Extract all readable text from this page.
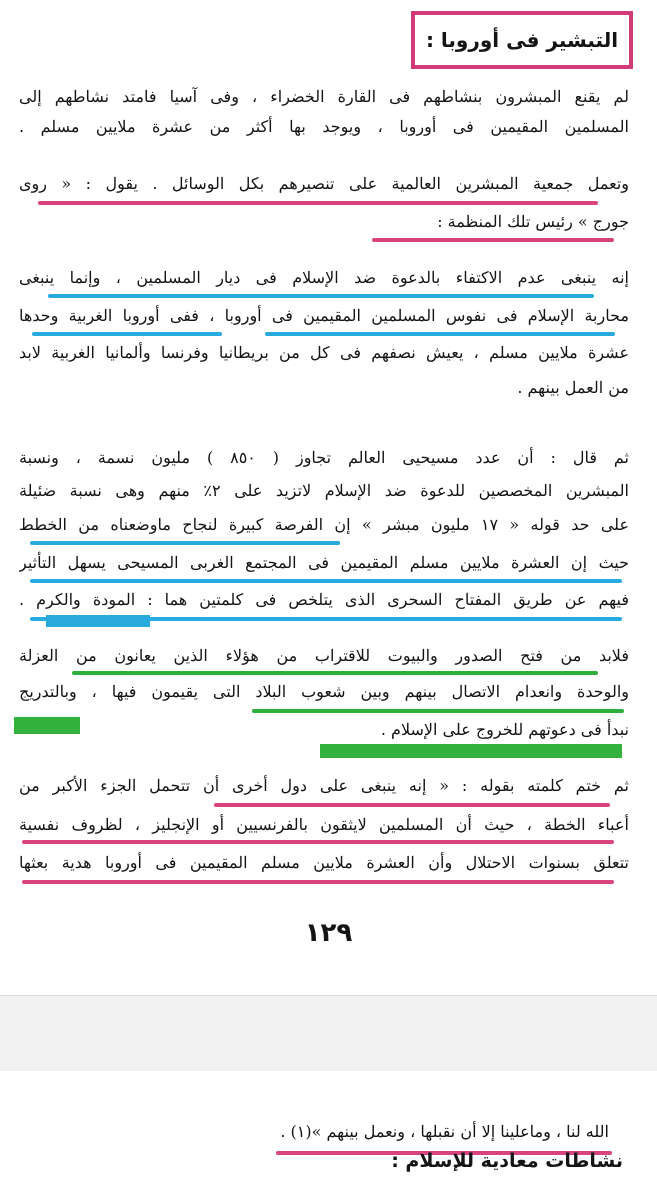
التبشير فى أوروبا :
لم يقنع المبشرون بنشاطهم فى القارة الخضراء ، وفى آسيا فامتد نشاطهم إلى
المسلمين المقيمين فى أوروبا ، ويوجد بها أكثر من عشرة ملايين مسلم .
وتعمل جمعية المبشرين العالمية على تنصيرهم بكل الوسائل . يقول : « روى
جورج » رئيس تلك المنظمة :
إنه ينبغى عدم الاكتفاء بالدعوة ضد الإسلام فى ديار المسلمين ، وإنما ينبغى
محاربة الإسلام فى نفوس المسلمين المقيمين فى أوروبا ، ففى أوروبا الغربية وحدها
عشرة ملايين مسلم ، يعيش نصفهم فى كل من بريطانيا وفرنسا وألمانيا الغربية لابد
من العمل بينهم .
ثم قال : أن عدد مسيحيى العالم تجاوز ( ٨٥٠ ) مليون نسمة ، ونسبة
المبشرين المخصصين للدعوة ضد الإسلام لاتزيد على ٢٪ منهم وهى نسبة ضئيلة
على حد قوله « ١٧ مليون مبشر » إن الفرصة كبيرة لنجاح ماوضعناه من الخطط
حيث إن العشرة ملايين مسلم المقيمين فى المجتمع الغربى المسيحى يسهل التأثير
فيهم عن طريق المفتاح السحرى الذى يتلخص فى كلمتين هما : المودة والكرم .
فلابد من فتح الصدور والبيوت للاقتراب من هؤلاء الذين يعانون من العزلة
والوحدة وانعدام الاتصال بينهم وبين شعوب البلاد التى يقيمون فيها ، وبالتدريج
نبدأ فى دعوتهم للخروج على الإسلام .
ثم ختم كلمته بقوله : « إنه ينبغى على دول أخرى أن تتحمل الجزء الأكبر من
أعباء الخطة ، حيث أن المسلمين لايثقون بالفرنسيين أو الإنجليز ، لظروف نفسية
تتعلق بسنوات الاحتلال وأن العشرة ملايين مسلم المقيمين فى أوروبا هدية بعثها
١٢٩
الله لنا ، وماعلينا إلا أن نقبلها ، ونعمل بينهم »(١) .
نشاطات معادية للإسلام :
